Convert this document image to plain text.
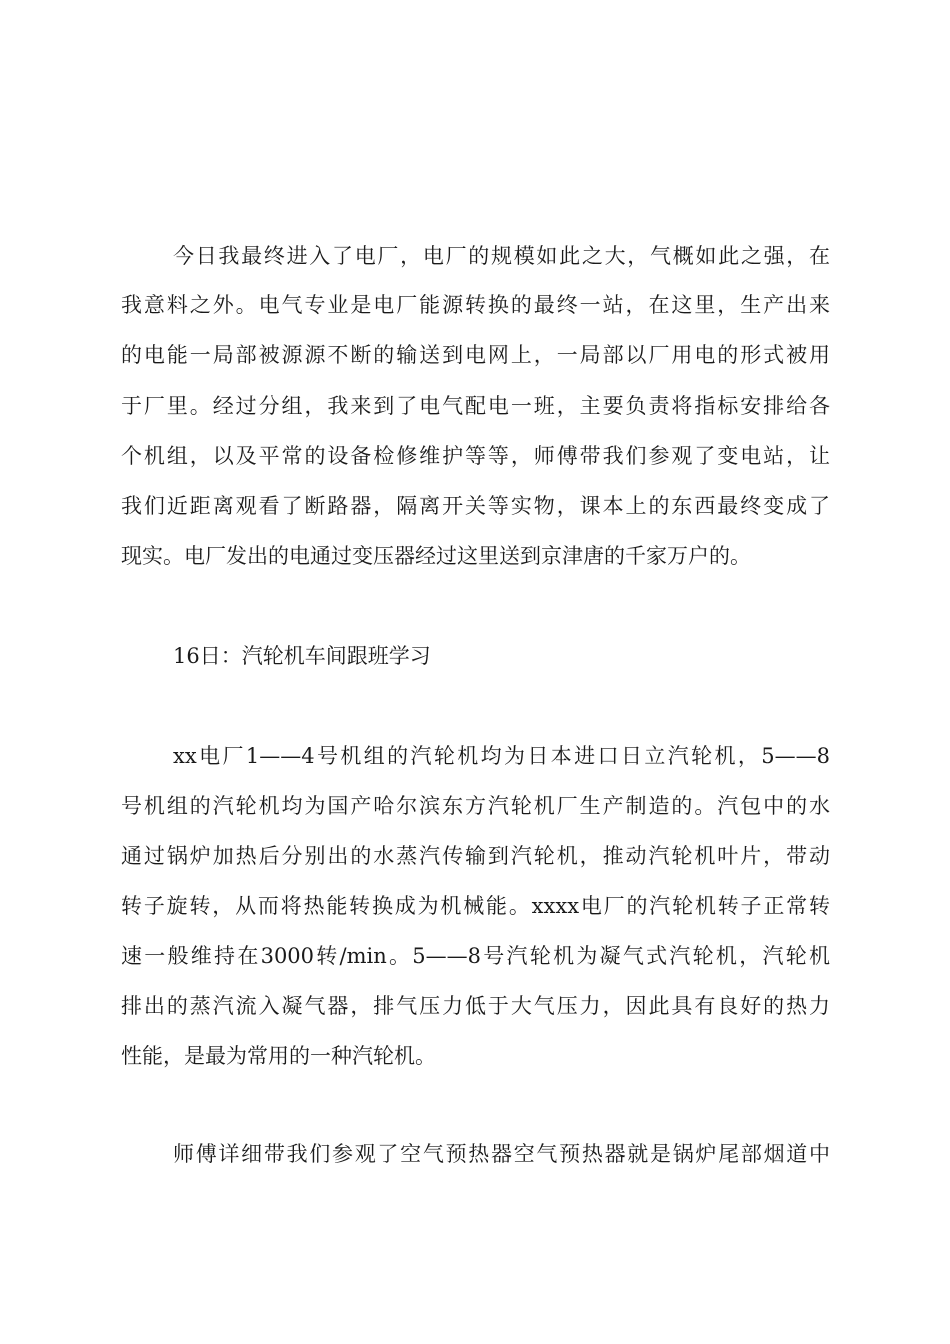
今日我最终进入了电厂，电厂的规模如此之大，气概如此之强，在
我意料之外。电气专业是电厂能源转换的最终一站，在这里，生产出来
的电能一局部被源源不断的输送到电网上，一局部以厂用电的形式被用
于厂里。经过分组，我来到了电气配电一班，主要负责将指标安排给各
个机组，以及平常的设备检修维护等等，师傅带我们参观了变电站，让
我们近距离观看了断路器，隔离开关等实物，课本上的东西最终变成了
现实。电厂发出的电通过变压器经过这里送到京津唐的千家万户的。
16日：汽轮机车间跟班学习
xx电厂1——4号机组的汽轮机均为日本进口日立汽轮机，5——8
号机组的汽轮机均为国产哈尔滨东方汽轮机厂生产制造的。汽包中的水
通过锅炉加热后分别出的水蒸汽传输到汽轮机，推动汽轮机叶片，带动
转子旋转，从而将热能转换成为机械能。xxxx电厂的汽轮机转子正常转
速一般维持在3000转/min。5——8号汽轮机为凝气式汽轮机，汽轮机
排出的蒸汽流入凝气器，排气压力低于大气压力，因此具有良好的热力
性能，是最为常用的一种汽轮机。
师傅详细带我们参观了空气预热器空气预热器就是锅炉尾部烟道中
